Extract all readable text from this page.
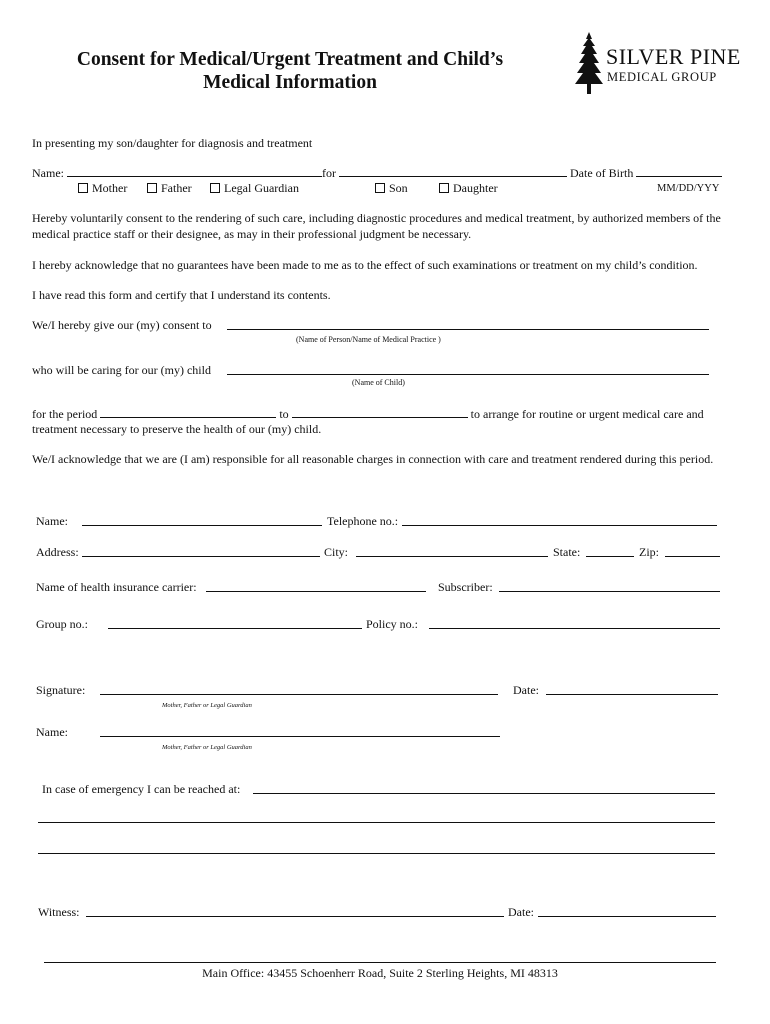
Consent for Medical/Urgent Treatment and Child’s
Medical Information
SILVER PINE
MEDICAL GROUP
In presenting my son/daughter for diagnosis and treatment
Name:	for	Date of Birth
Mother	Father	Legal Guardian	Son	Daughter	MM/DD/YYY
Hereby voluntarily consent to the rendering of such care, including diagnostic procedures and medical treatment, by authorized members of the medical practice staff or their designee, as may in their professional judgment be necessary.
I hereby acknowledge that no guarantees have been made to me as to the effect of such examinations or treatment on my child’s condition.
I have read this form and certify that I understand its contents.
We/I hereby give our (my) consent to
(Name of Person/Name of Medical Practice )
who will be caring for our (my) child
(Name of Child)
for the period	to	to arrange for routine or urgent medical care and
treatment necessary to preserve the health of our (my) child.
We/I acknowledge that we are (I am) responsible for all reasonable charges in connection with care and treatment rendered during this period.
Name:	Telephone no.:
Address:	City:	State:	Zip:
Name of health insurance carrier:	Subscriber:
Group no.:	Policy no.:
Signature:	Date:
Mother, Father or Legal Guardian
Name:
Mother, Father or Legal Guardian
In case of emergency I can be reached at:
Witness:	Date:
Main Office: 43455 Schoenherr Road, Suite 2 Sterling Heights, MI 48313
